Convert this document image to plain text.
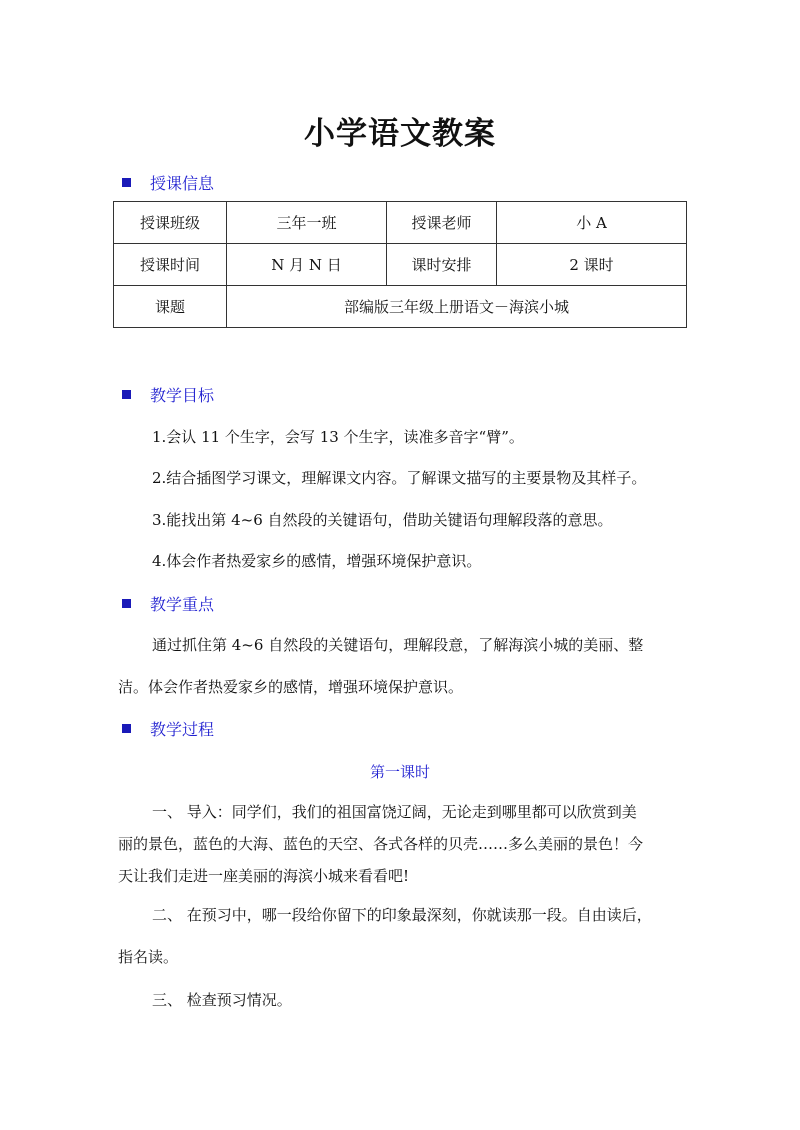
小学语文教案
授课信息
授课班级	三年一班	授课老师	小 A
授课时间	N 月 N 日	课时安排	2 课时
课题	部编版三年级上册语文－海滨小城		
教学目标
1.会认 11 个生字，会写 13 个生字，读准多音字“臂”。
2.结合插图学习课文，理解课文内容。了解课文描写的主要景物及其样子。
3.能找出第 4~6 自然段的关键语句，借助关键语句理解段落的意思。
4.体会作者热爱家乡的感情，增强环境保护意识。
教学重点
通过抓住第 4~6 自然段的关键语句，理解段意，了解海滨小城的美丽、整
洁。体会作者热爱家乡的感情，增强环境保护意识。
教学过程
第一课时
一、 导入：同学们，我们的祖国富饶辽阔，无论走到哪里都可以欣赏到美
丽的景色，蓝色的大海、蓝色的天空、各式各样的贝壳……多么美丽的景色！今
天让我们走进一座美丽的海滨小城来看看吧!
二、 在预习中，哪一段给你留下的印象最深刻，你就读那一段。自由读后，
指名读。
三、 检查预习情况。
